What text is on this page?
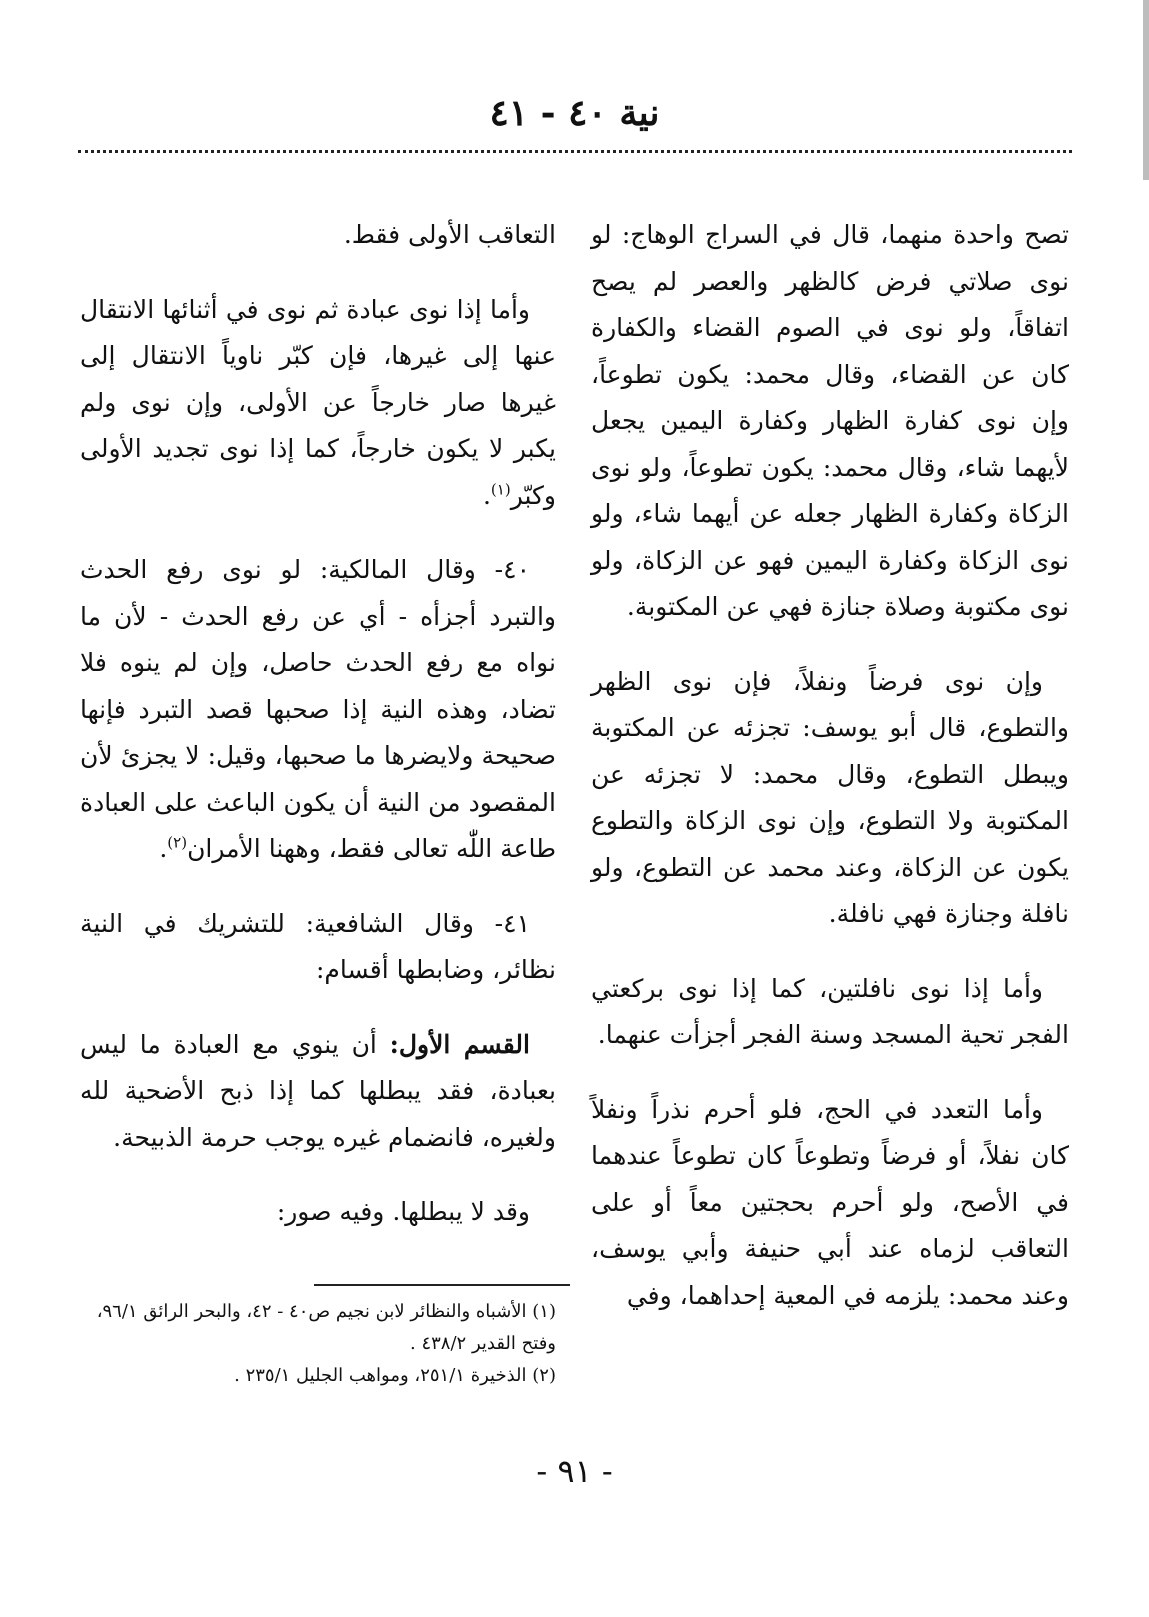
نية ٤٠ - ٤١

تصح واحدة منهما، قال في السراج الوهاج: لو نوى صلاتي فرض كالظهر والعصر لم يصح اتفاقاً، ولو نوى في الصوم القضاء والكفارة كان عن القضاء، وقال محمد: يكون تطوعاً، وإن نوى كفارة الظهار وكفارة اليمين يجعل لأيهما شاء، وقال محمد: يكون تطوعاً، ولو نوى الزكاة وكفارة الظهار جعله عن أيهما شاء، ولو نوى الزكاة وكفارة اليمين فهو عن الزكاة، ولو نوى مكتوبة وصلاة جنازة فهي عن المكتوبة.

وإن نوى فرضاً ونفلاً، فإن نوى الظهر والتطوع، قال أبو يوسف: تجزئه عن المكتوبة ويبطل التطوع، وقال محمد: لا تجزئه عن المكتوبة ولا التطوع، وإن نوى الزكاة والتطوع يكون عن الزكاة، وعند محمد عن التطوع، ولو نافلة وجنازة فهي نافلة.

وأما إذا نوى نافلتين، كما إذا نوى بركعتي الفجر تحية المسجد وسنة الفجر أجزأت عنهما.

وأما التعدد في الحج، فلو أحرم نذراً ونفلاً كان نفلاً، أو فرضاً وتطوعاً كان تطوعاً عندهما في الأصح، ولو أحرم بحجتين معاً أو على التعاقب لزماه عند أبي حنيفة وأبي يوسف، وعند محمد: يلزمه في المعية إحداهما، وفي

التعاقب الأولى فقط.

وأما إذا نوى عبادة ثم نوى في أثنائها الانتقال عنها إلى غيرها، فإن كبّر ناوياً الانتقال إلى غيرها صار خارجاً عن الأولى، وإن نوى ولم يكبر لا يكون خارجاً، كما إذا نوى تجديد الأولى وكبّر$^{(١)}$.

٤٠- وقال المالكية: لو نوى رفع الحدث والتبرد أجزأه - أي عن رفع الحدث - لأن ما نواه مع رفع الحدث حاصل، وإن لم ينوه فلا تضاد، وهذه النية إذا صحبها قصد التبرد فإنها صحيحة ولايضرها ما صحبها، وقيل: لا يجزئ لأن المقصود من النية أن يكون الباعث على العبادة طاعة اللّٰه تعالى فقط، وههنا الأمران$^{(٢)}$.

٤١- وقال الشافعية: للتشريك في النية نظائر، وضابطها أقسام:

القسم الأول: أن ينوي مع العبادة ما ليس بعبادة، فقد يبطلها كما إذا ذبح الأضحية لله ولغيره، فانضمام غيره يوجب حرمة الذبيحة.

وقد لا يبطلها. وفيه صور:

(١) الأشباه والنظائر لابن نجيم ص٤٠ - ٤٢، والبحر الرائق ٩٦/١، وفتح القدير ٤٣٨/٢ .

(٢) الذخيرة ٢٥١/١، ومواهب الجليل ٢٣٥/١ .

- ٩١ -
